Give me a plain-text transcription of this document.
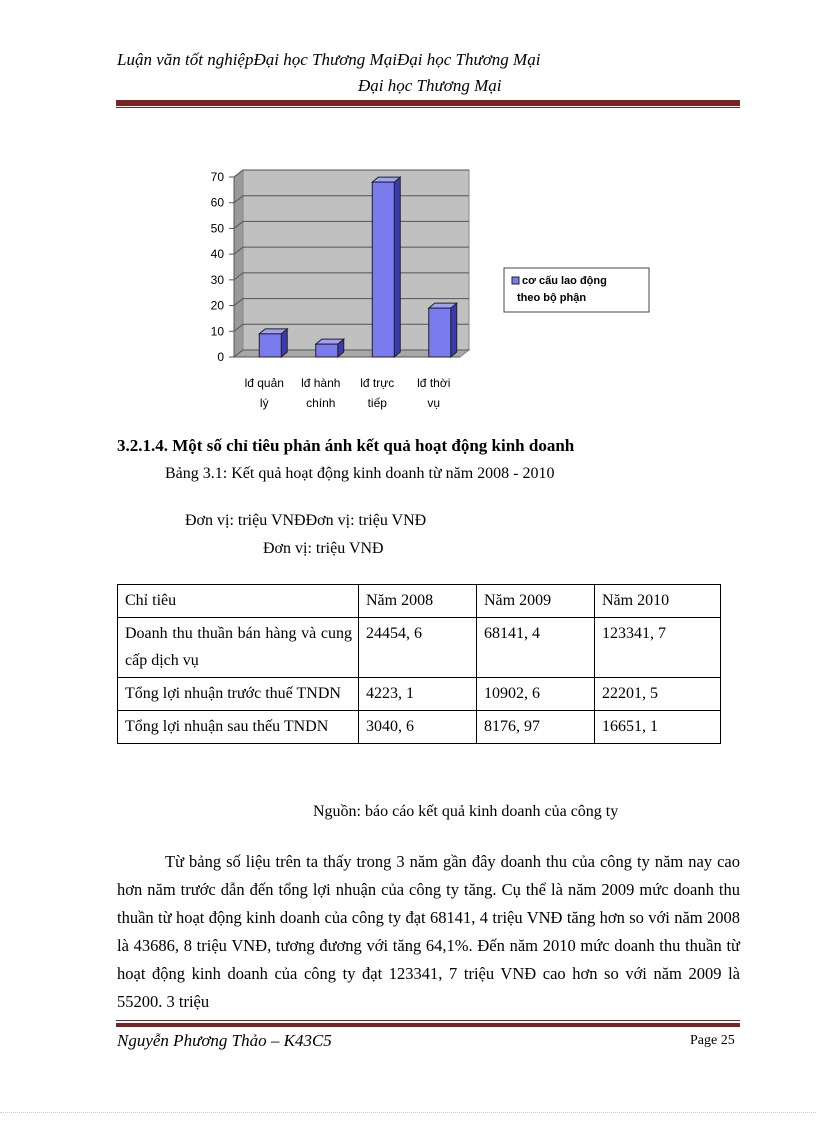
Luận văn tốt nghiệpĐại học Thương MạiĐại học Thương Mại
Đại học Thương Mại
0
10
20
30
40
50
60
70
lđ quản
lý
lđ hành
chính
lđ trực
tiếp
lđ thời
vụ
cơ cấu lao động
theo bộ phận
3.2.1.4. Một số chỉ tiêu phản ánh kết quả hoạt động kinh doanh
Bảng 3.1: Kết quả hoạt động kinh doanh từ năm 2008 - 2010
Đơn vị: triệu VNĐĐơn vị: triệu VNĐ
Đơn vị: triệu VNĐ
Chỉ tiêu	Năm 2008	Năm 2009	Năm 2010
Doanh thu thuần bán hàng và cung cấp dịch vụ	24454, 6	68141, 4	123341, 7
Tổng lợi nhuận trước thuế TNDN	4223, 1	10902, 6	22201, 5
Tổng lợi nhuận sau thếu TNDN	3040, 6	8176, 97	16651, 1
Nguồn: báo cáo kết quả kinh doanh của công ty

Từ bảng số liệu trên ta thấy trong 3 năm gần đây doanh thu của công ty năm nay cao hơn năm trước dẫn đến tổng lợi nhuận của công ty tăng. Cụ thể là năm 2009 mức doanh thu thuần từ hoạt động kinh doanh của công ty đạt 68141, 4 triệu VNĐ tăng hơn so với năm 2008 là 43686, 8 triệu VNĐ, tương đương với tăng 64,1%. Đến năm 2010 mức doanh thu thuần từ hoạt động kinh doanh của công ty đạt 123341, 7 triệu VNĐ cao hơn so với năm 2009 là 55200. 3 triệu

Nguyễn Phương Thảo – K43C5	Page 25
